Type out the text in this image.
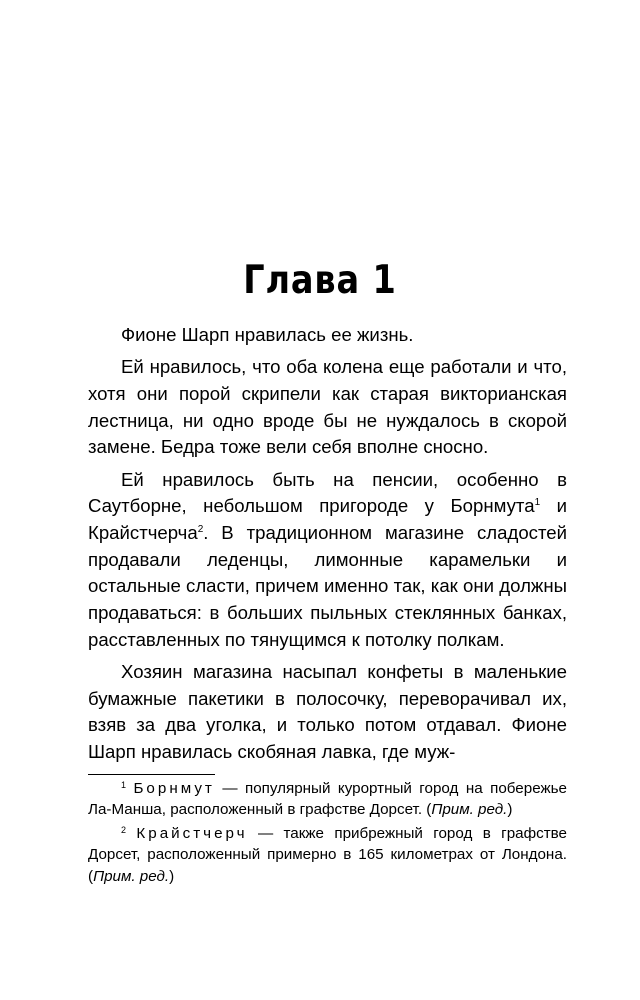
Глава 1

Фионе Шарп нравилась ее жизнь.

Ей нравилось, что оба колена еще работали и что, хотя они порой скрипели как старая викторианская лестница, ни одно вроде бы не нуждалось в скорой замене. Бедра тоже вели себя вполне сносно.

Ей нравилось быть на пенсии, особенно в Саутборне, небольшом пригороде у Борнмута$^1$ и Крайстчерча$^2$. В традиционном магазине сладостей продавали леденцы, лимонные карамельки и остальные сласти, причем именно так, как они должны продаваться: в больших пыльных стеклянных банках, расставленных по тянущимся к потолку полкам.

Хозяин магазина насыпал конфеты в маленькие бумажные пакетики в полосочку, переворачивал их, взяв за два уголка, и только потом отдавал. Фионе Шарп нравилась скобяная лавка, где муж-

$^1$ Борнмут — популярный курортный город на побережье Ла-Манша, расположенный в графстве Дорсет. (Прим. ред.)

$^2$ Крайстчерч — также прибрежный город в графстве Дорсет, расположенный примерно в 165 километрах от Лондона. (Прим. ред.)
